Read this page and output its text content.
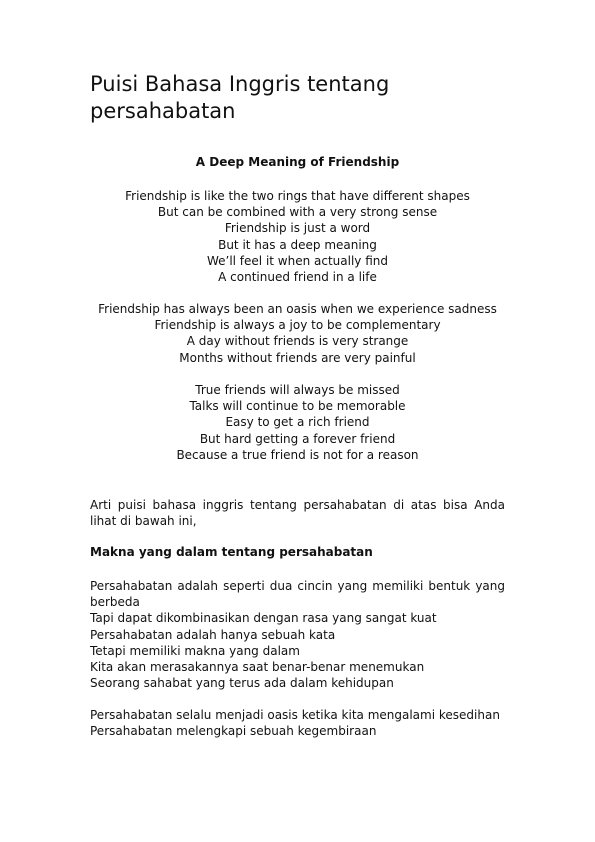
Puisi Bahasa Inggris tentang persahabatan

A Deep Meaning of Friendship

Friendship is like the two rings that have different shapes
But can be combined with a very strong sense
Friendship is just a word
But it has a deep meaning
We’ll feel it when actually find
A continued friend in a life
Friendship has always been an oasis when we experience sadness
Friendship is always a joy to be complementary
A day without friends is very strange
Months without friends are very painful
True friends will always be missed
Talks will continue to be memorable
Easy to get a rich friend
But hard getting a forever friend
Because a true friend is not for a reason

Arti puisi bahasa inggris tentang persahabatan di atas bisa Anda lihat di bawah ini,

Makna yang dalam tentang persahabatan

Persahabatan adalah seperti dua cincin yang memiliki bentuk yang berbeda
Tapi dapat dikombinasikan dengan rasa yang sangat kuat
Persahabatan adalah hanya sebuah kata
Tetapi memiliki makna yang dalam
Kita akan merasakannya saat benar-benar menemukan
Seorang sahabat yang terus ada dalam kehidupan
Persahabatan selalu menjadi oasis ketika kita mengalami kesedihan
Persahabatan melengkapi sebuah kegembiraan
